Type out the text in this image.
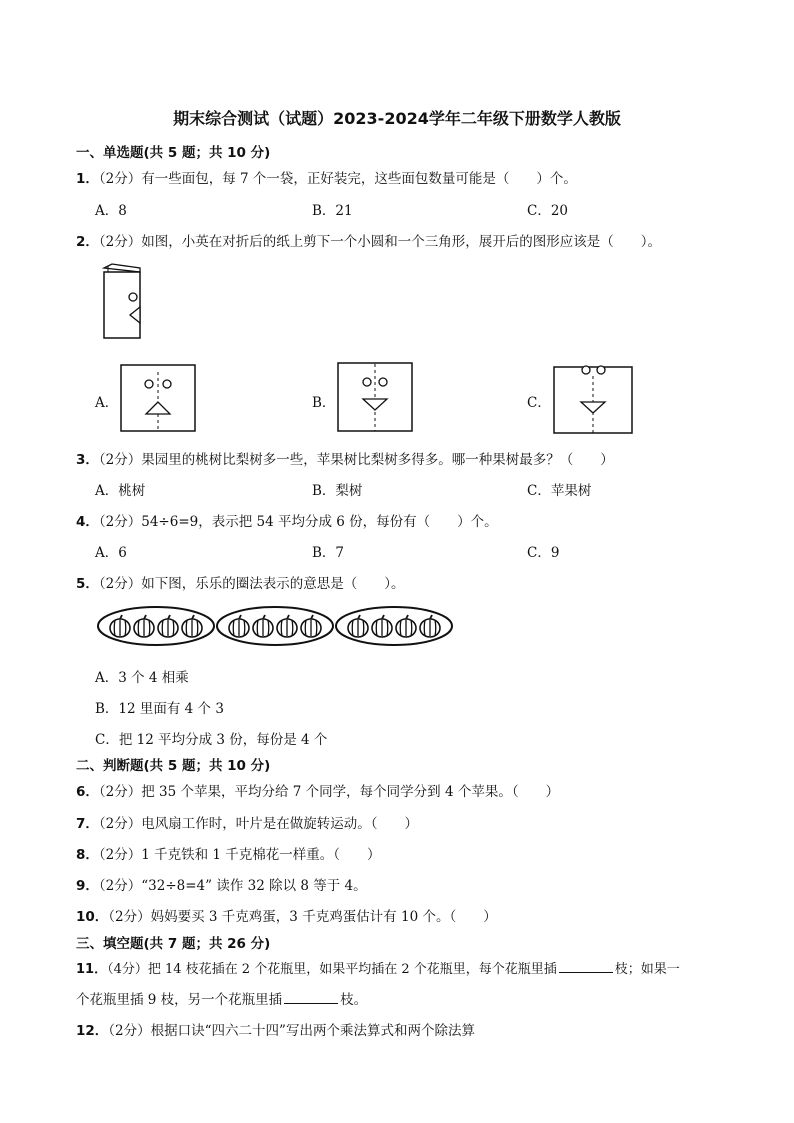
期末综合测试（试题）2023-2024学年二年级下册数学人教版
一、单选题(共 5 题；共 10 分)
1．（2分）有一些面包，每 7 个一袋，正好装完，这些面包数量可能是（　　）个。
A．8	B．21	C．20
2．（2分）如图，小英在对折后的纸上剪下一个小圆和一个三角形，展开后的图形应该是（　　）。
A．	B．	C．
3．（2分）果园里的桃树比梨树多一些，苹果树比梨树多得多。哪一种果树最多？（　　）
A．桃树	B．梨树	C．苹果树
4．（2分）54÷6=9，表示把 54 平均分成 6 份，每份有（　　）个。
A．6	B．7	C．9
5．（2分）如下图，乐乐的圈法表示的意思是（　　）。
A．3 个 4 相乘
B．12 里面有 4 个 3
C．把 12 平均分成 3 份，每份是 4 个
二、判断题(共 5 题；共 10 分)
6．（2分）把 35 个苹果，平均分给 7 个同学，每个同学分到 4 个苹果。（　　）
7．（2分）电风扇工作时，叶片是在做旋转运动。（　　）
8．（2分）1 千克铁和 1 千克棉花一样重。（　　）
9．（2分）“32÷8=4” 读作 32 除以 8 等于 4。
10．（2分）妈妈要买 3 千克鸡蛋，3 千克鸡蛋估计有 10 个。（　　）
三、填空题(共 7 题；共 26 分)
11．（4分）把 14 枝花插在 2 个花瓶里，如果平均插在 2 个花瓶里，每个花瓶里插	枝；如果一
个花瓶里插 9 枝，另一个花瓶里插	枝。
12．（2分）根据口诀“四六二十四”写出两个乘法算式和两个除法算
